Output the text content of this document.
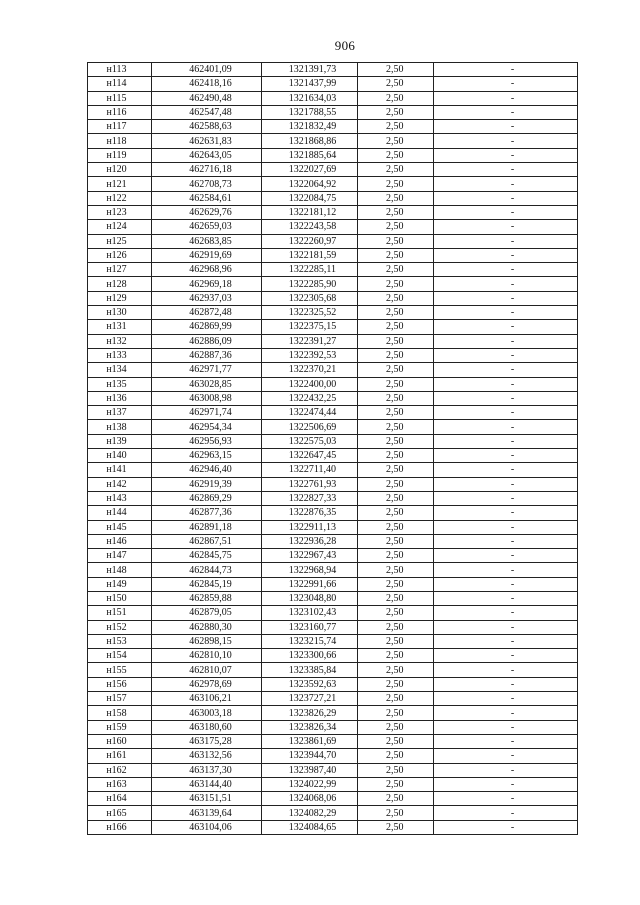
906
н113	462401,09	1321391,73	2,50	-
н114	462418,16	1321437,99	2,50	-
н115	462490,48	1321634,03	2,50	-
н116	462547,48	1321788,55	2,50	-
н117	462588,63	1321832,49	2,50	-
н118	462631,83	1321868,86	2,50	-
н119	462643,05	1321885,64	2,50	-
н120	462716,18	1322027,69	2,50	-
н121	462708,73	1322064,92	2,50	-
н122	462584,61	1322084,75	2,50	-
н123	462629,76	1322181,12	2,50	-
н124	462659,03	1322243,58	2,50	-
н125	462683,85	1322260,97	2,50	-
н126	462919,69	1322181,59	2,50	-
н127	462968,96	1322285,11	2,50	-
н128	462969,18	1322285,90	2,50	-
н129	462937,03	1322305,68	2,50	-
н130	462872,48	1322325,52	2,50	-
н131	462869,99	1322375,15	2,50	-
н132	462886,09	1322391,27	2,50	-
н133	462887,36	1322392,53	2,50	-
н134	462971,77	1322370,21	2,50	-
н135	463028,85	1322400,00	2,50	-
н136	463008,98	1322432,25	2,50	-
н137	462971,74	1322474,44	2,50	-
н138	462954,34	1322506,69	2,50	-
н139	462956,93	1322575,03	2,50	-
н140	462963,15	1322647,45	2,50	-
н141	462946,40	1322711,40	2,50	-
н142	462919,39	1322761,93	2,50	-
н143	462869,29	1322827,33	2,50	-
н144	462877,36	1322876,35	2,50	-
н145	462891,18	1322911,13	2,50	-
н146	462867,51	1322936,28	2,50	-
н147	462845,75	1322967,43	2,50	-
н148	462844,73	1322968,94	2,50	-
н149	462845,19	1322991,66	2,50	-
н150	462859,88	1323048,80	2,50	-
н151	462879,05	1323102,43	2,50	-
н152	462880,30	1323160,77	2,50	-
н153	462898,15	1323215,74	2,50	-
н154	462810,10	1323300,66	2,50	-
н155	462810,07	1323385,84	2,50	-
н156	462978,69	1323592,63	2,50	-
н157	463106,21	1323727,21	2,50	-
н158	463003,18	1323826,29	2,50	-
н159	463180,60	1323826,34	2,50	-
н160	463175,28	1323861,69	2,50	-
н161	463132,56	1323944,70	2,50	-
н162	463137,30	1323987,40	2,50	-
н163	463144,40	1324022,99	2,50	-
н164	463151,51	1324068,06	2,50	-
н165	463139,64	1324082,29	2,50	-
н166	463104,06	1324084,65	2,50	-
